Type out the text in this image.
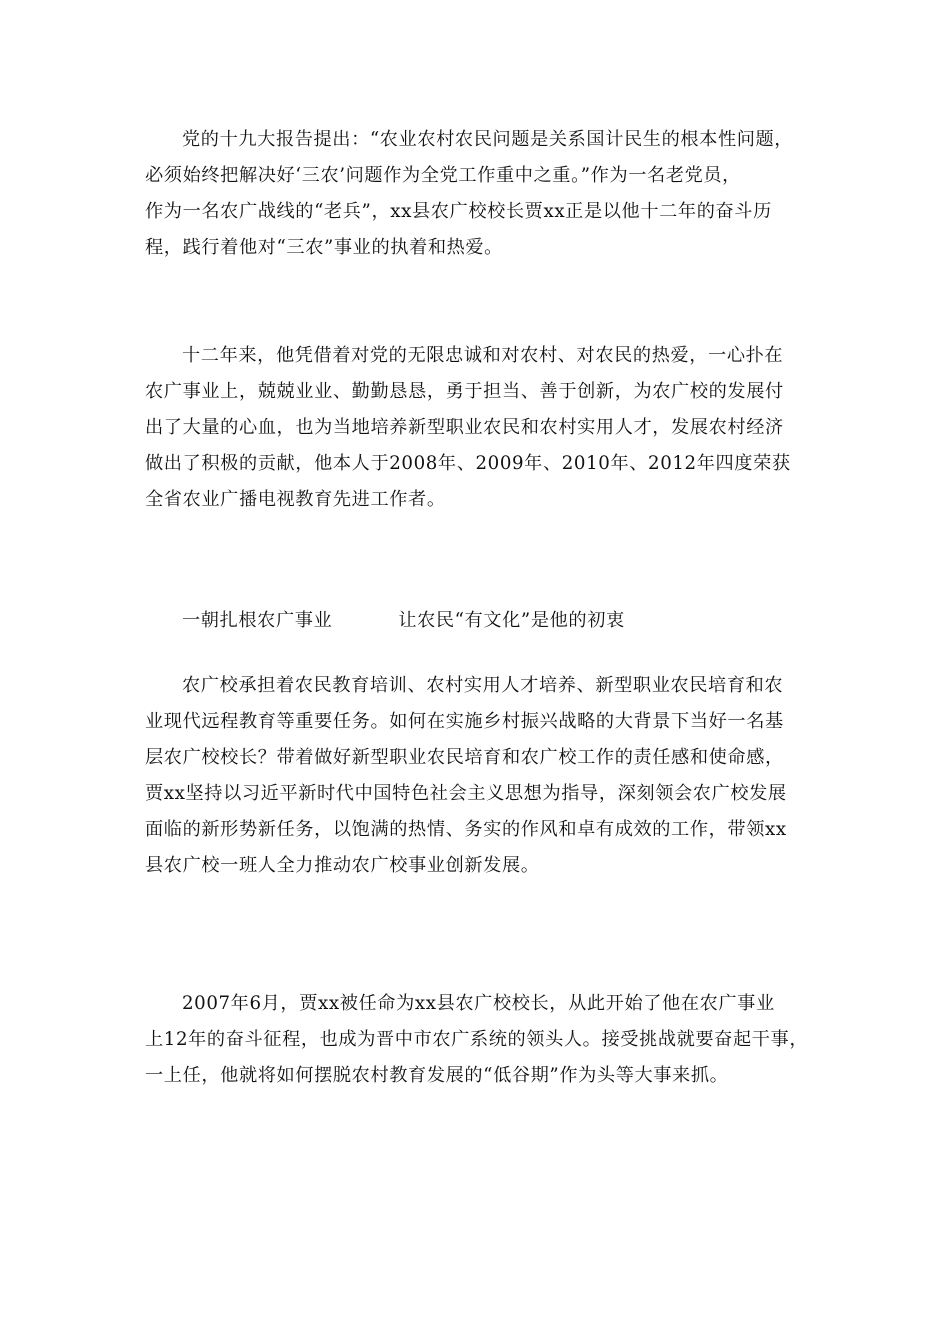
党的十九大报告提出：“农业农村农民问题是关系国计民生的根本性问题，
必须始终把解决好‘三农’问题作为全党工作重中之重。”作为一名老党员，
作为一名农广战线的“老兵”，xx县农广校校长贾xx正是以他十二年的奋斗历
程，践行着他对“三农”事业的执着和热爱。
十二年来，他凭借着对党的无限忠诚和对农村、对农民的热爱，一心扑在
农广事业上，兢兢业业、勤勤恳恳，勇于担当、善于创新，为农广校的发展付
出了大量的心血，也为当地培养新型职业农民和农村实用人才，发展农村经济
做出了积极的贡献，他本人于2008年、2009年、2010年、2012年四度荣获
全省农业广播电视教育先进工作者。
一朝扎根农广事业	让农民“有文化”是他的初衷
农广校承担着农民教育培训、农村实用人才培养、新型职业农民培育和农
业现代远程教育等重要任务。如何在实施乡村振兴战略的大背景下当好一名基
层农广校校长？带着做好新型职业农民培育和农广校工作的责任感和使命感，
贾xx坚持以习近平新时代中国特色社会主义思想为指导，深刻领会农广校发展
面临的新形势新任务，以饱满的热情、务实的作风和卓有成效的工作，带领xx
县农广校一班人全力推动农广校事业创新发展。
2007年6月，贾xx被任命为xx县农广校校长，从此开始了他在农广事业
上12年的奋斗征程，也成为晋中市农广系统的领头人。接受挑战就要奋起干事，
一上任，他就将如何摆脱农村教育发展的“低谷期”作为头等大事来抓。
